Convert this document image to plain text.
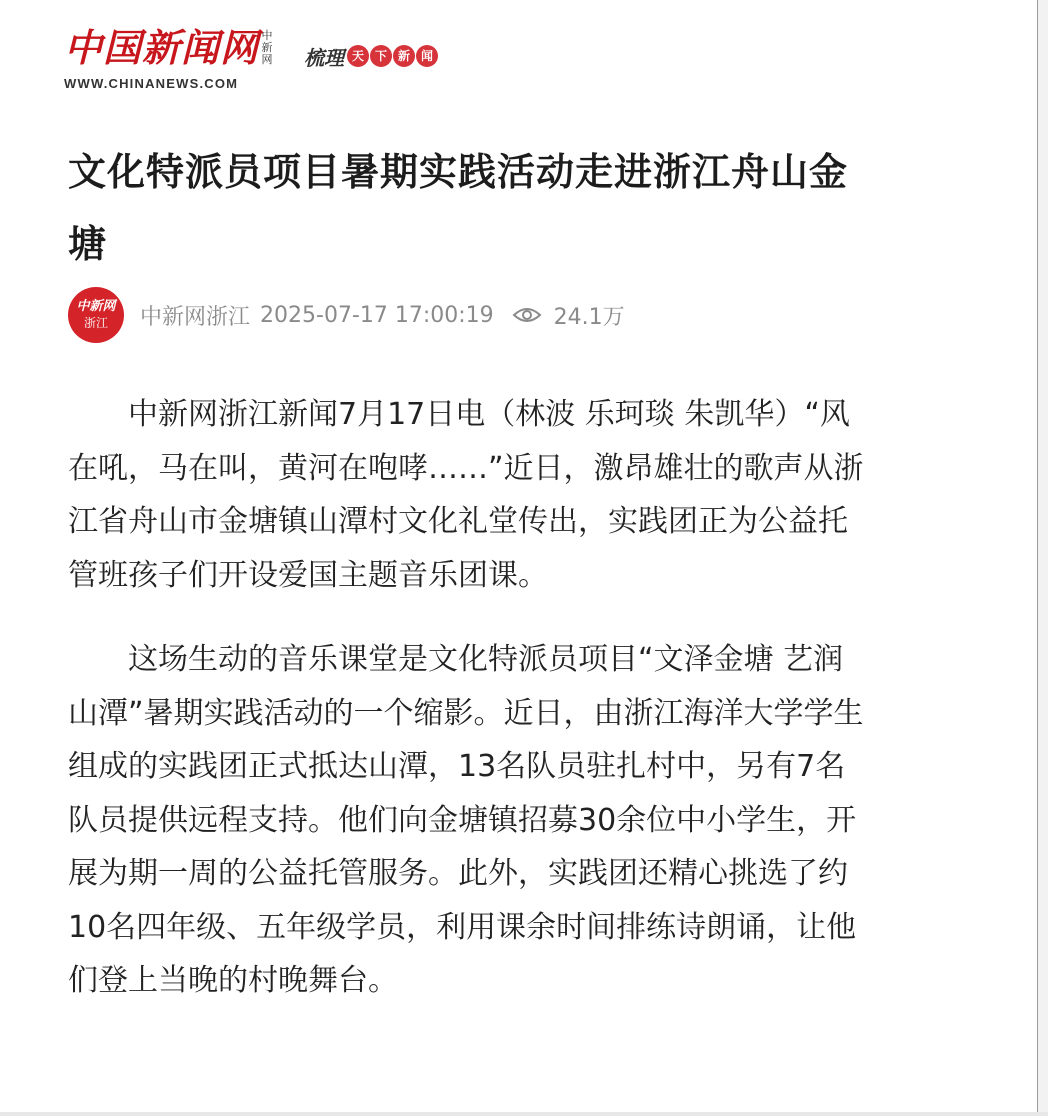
中国新闻网 中新网
WWW.CHINANEWS.COM
梳理 天 下 新 闻
文化特派员项目暑期实践活动走进浙江舟山金塘
中新网
浙江 中新网浙江 2025-07-17 17:00:19	24.1万

中新网浙江新闻7月17日电（林波 乐珂琰 朱凯华）“风在吼，马在叫，黄河在咆哮……”近日，激昂雄壮的歌声从浙江省舟山市金塘镇山潭村文化礼堂传出，实践团正为公益托管班孩子们开设爱国主题音乐团课。

这场生动的音乐课堂是文化特派员项目“文泽金塘 艺润山潭”暑期实践活动的一个缩影。近日，由浙江海洋大学学生组成的实践团正式抵达山潭，13名队员驻扎村中，另有7名队员提供远程支持。他们向金塘镇招募30余位中小学生，开展为期一周的公益托管服务。此外，实践团还精心挑选了约10名四年级、五年级学员，利用课余时间排练诗朗诵，让他们登上当晚的村晚舞台。
